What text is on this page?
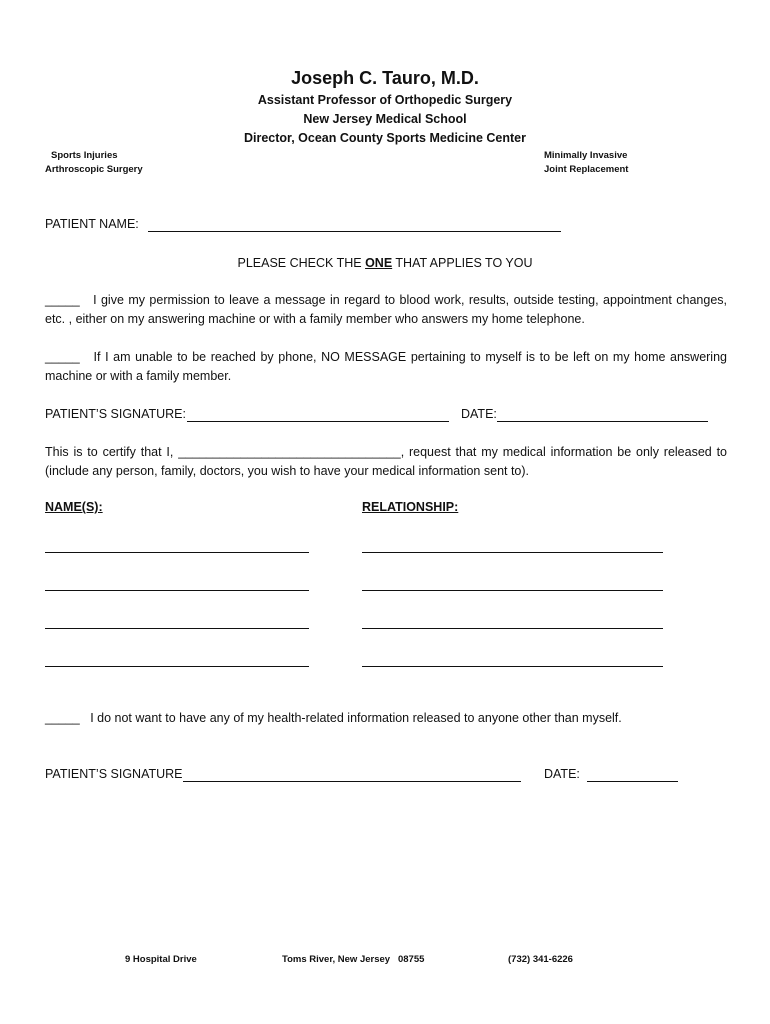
Joseph C. Tauro, M.D.
Assistant Professor of Orthopedic Surgery
New Jersey Medical School
Director, Ocean County Sports Medicine Center
Sports Injuries
Arthroscopic Surgery
Minimally Invasive
Joint Replacement
PATIENT NAME:
PLEASE CHECK THE ONE THAT APPLIES TO YOU
_____ I give my permission to leave a message in regard to blood work, results, outside testing, appointment changes, etc. , either on my answering machine or with a family member who answers my home telephone.
_____ If I am unable to be reached by phone, NO MESSAGE pertaining to myself is to be left on my home answering machine or with a family member.
PATIENT’S SIGNATURE:	DATE:
This is to certify that I, ________________________________, request that my medical information be only released to (include any person, family, doctors, you wish to have your medical information sent to).
NAME(S):	RELATIONSHIP:
_____ I do not want to have any of my health-related information released to anyone other than myself.
PATIENT’S SIGNATURE	DATE:
9 Hospital Drive	Toms River, New Jersey   08755	(732) 341-6226
